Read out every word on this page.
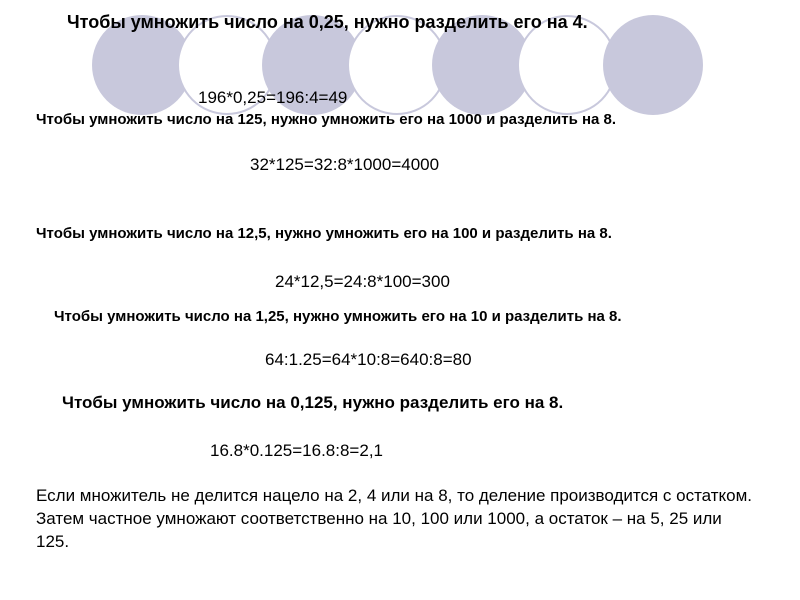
Чтобы умножить число на 0,25, нужно разделить его на 4.
196*0,25=196:4=49
Чтобы умножить число на 125, нужно умножить его на 1000 и разделить на 8.
32*125=32:8*1000=4000
Чтобы умножить число на 12,5, нужно умножить его на 100 и разделить на 8.
24*12,5=24:8*100=300
Чтобы умножить число на 1,25, нужно умножить его на 10 и разделить на 8.
64:1.25=64*10:8=640:8=80
Чтобы умножить число на 0,125, нужно разделить его на 8.
16.8*0.125=16.8:8=2,1
Если множитель не делится нацело на 2, 4 или на 8, то деление производится с остатком. Затем частное умножают соответственно на 10, 100 или 1000, а остаток – на 5, 25 или 125.
